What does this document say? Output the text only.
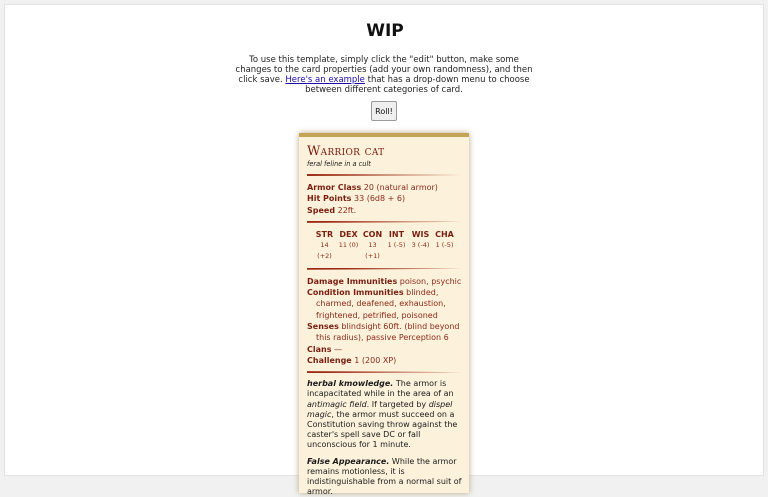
WIP
To use this template, simply click the "edit" button, make some changes to the card properties (add your own randomness), and then click save. Here's an example that has a drop-down menu to choose between different categories of card.
Roll!
Warrior cat
feral feline in a cult
Armor Class 20 (natural armor)
Hit Points 33 (6d8 + 6)
Speed 22ft.
STR
14 (+2)
DEX
11 (0)
CON
13 (+1)
INT
1 (-5)
WIS
3 (-4)
CHA
1 (-5)
Damage Immunities poison, psychic
Condition Immunities blinded, charmed, deafened, exhaustion, frightened, petrified, poisoned
Senses blindsight 60ft. (blind beyond this radius), passive Perception 6
Clans —
Challenge 1 (200 XP)

herbal kmowledge. The armor is incapacitated while in the area of an antimagic field. If targeted by dispel magic, the armor must succeed on a Constitution saving throw against the caster's spell save DC or fall unconscious for 1 minute.

False Appearance. While the armor remains motionless, it is indistinguishable from a normal suit of armor.
